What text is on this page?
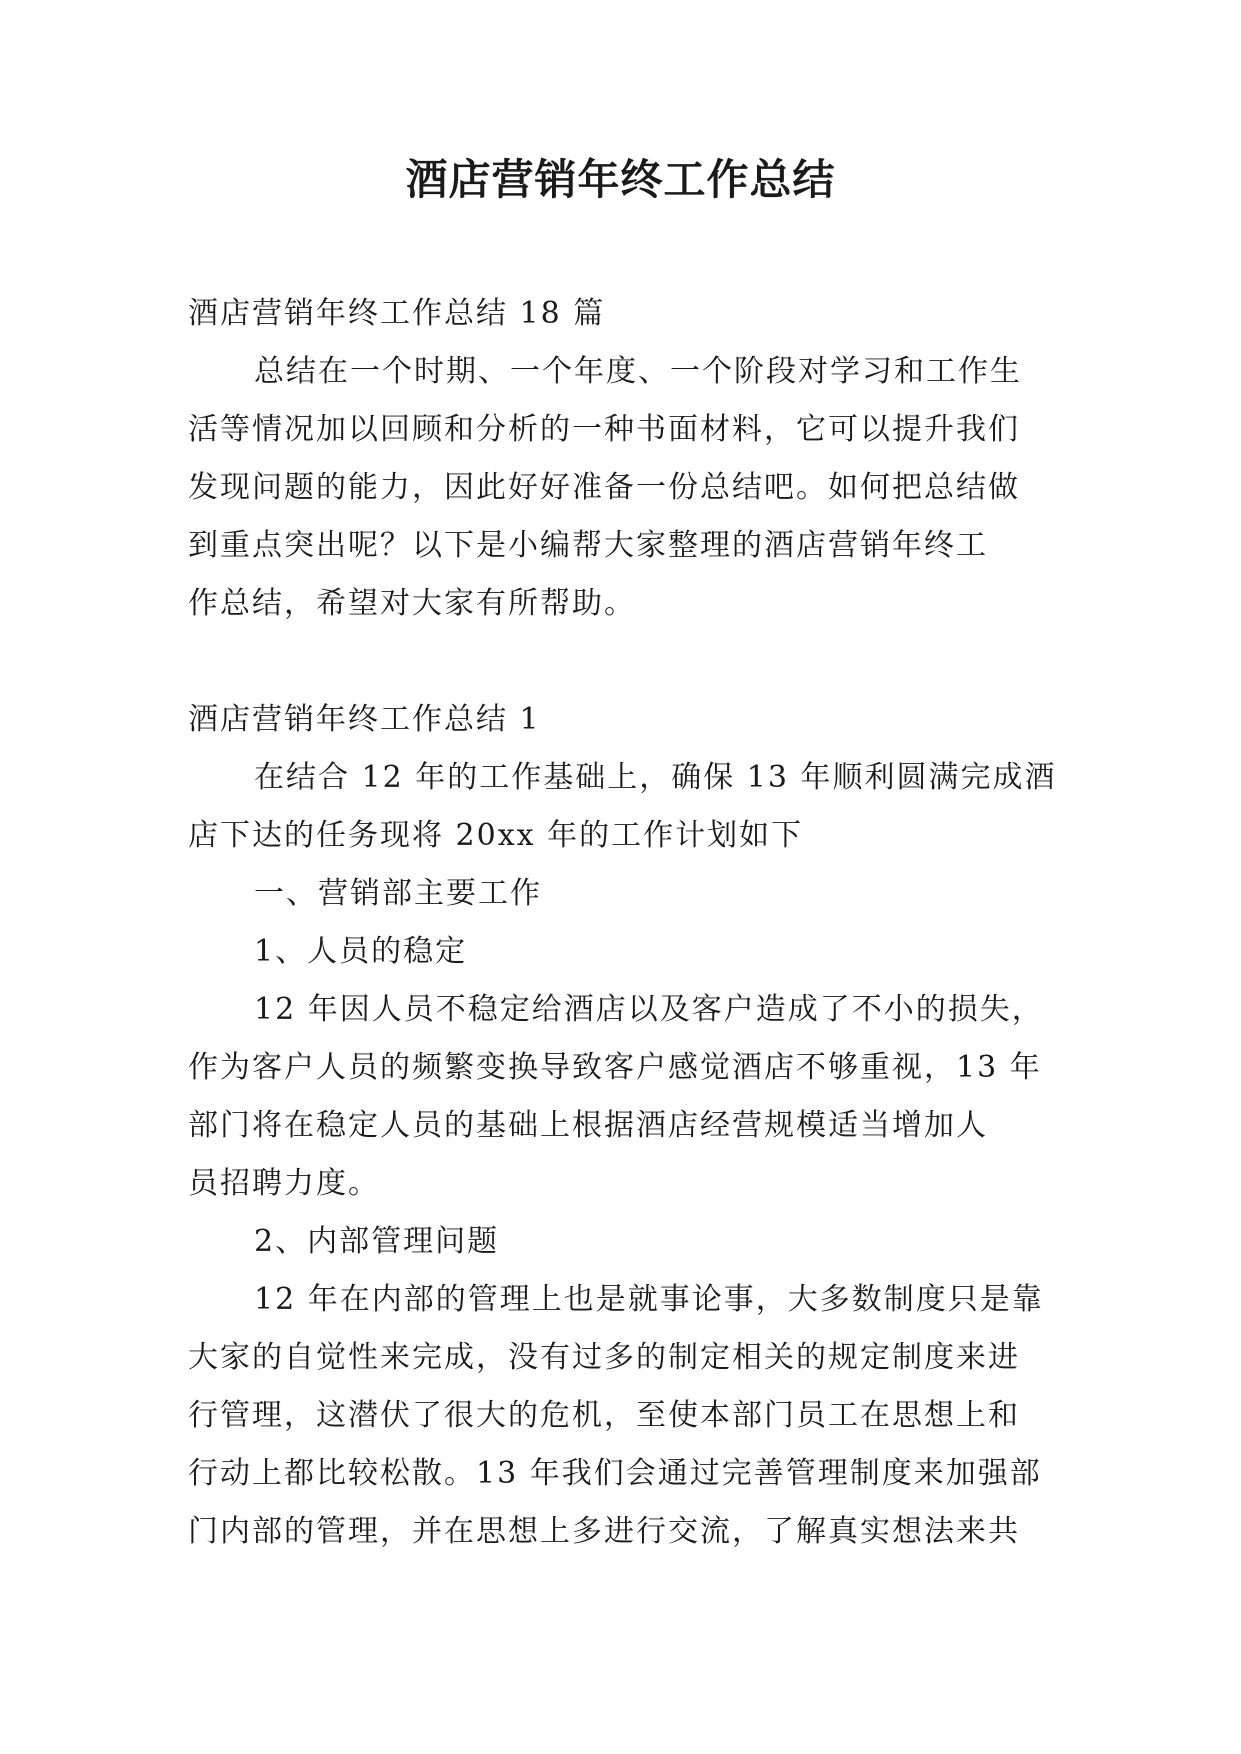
酒店营销年终工作总结

酒店营销年终工作总结 18 篇

总结在一个时期、一个年度、一个阶段对学习和工作生

活等情况加以回顾和分析的一种书面材料，它可以提升我们

发现问题的能力，因此好好准备一份总结吧。如何把总结做

到重点突出呢？以下是小编帮大家整理的酒店营销年终工

作总结，希望对大家有所帮助。

酒店营销年终工作总结 1

在结合 12 年的工作基础上，确保 13 年顺利圆满完成酒

店下达的任务现将 20xx 年的工作计划如下

一、营销部主要工作

1、人员的稳定

12 年因人员不稳定给酒店以及客户造成了不小的损失，

作为客户人员的频繁变换导致客户感觉酒店不够重视，13 年

部门将在稳定人员的基础上根据酒店经营规模适当增加人

员招聘力度。

2、内部管理问题

12 年在内部的管理上也是就事论事，大多数制度只是靠

大家的自觉性来完成，没有过多的制定相关的规定制度来进

行管理，这潜伏了很大的危机，至使本部门员工在思想上和

行动上都比较松散。13 年我们会通过完善管理制度来加强部

门内部的管理，并在思想上多进行交流，了解真实想法来共
